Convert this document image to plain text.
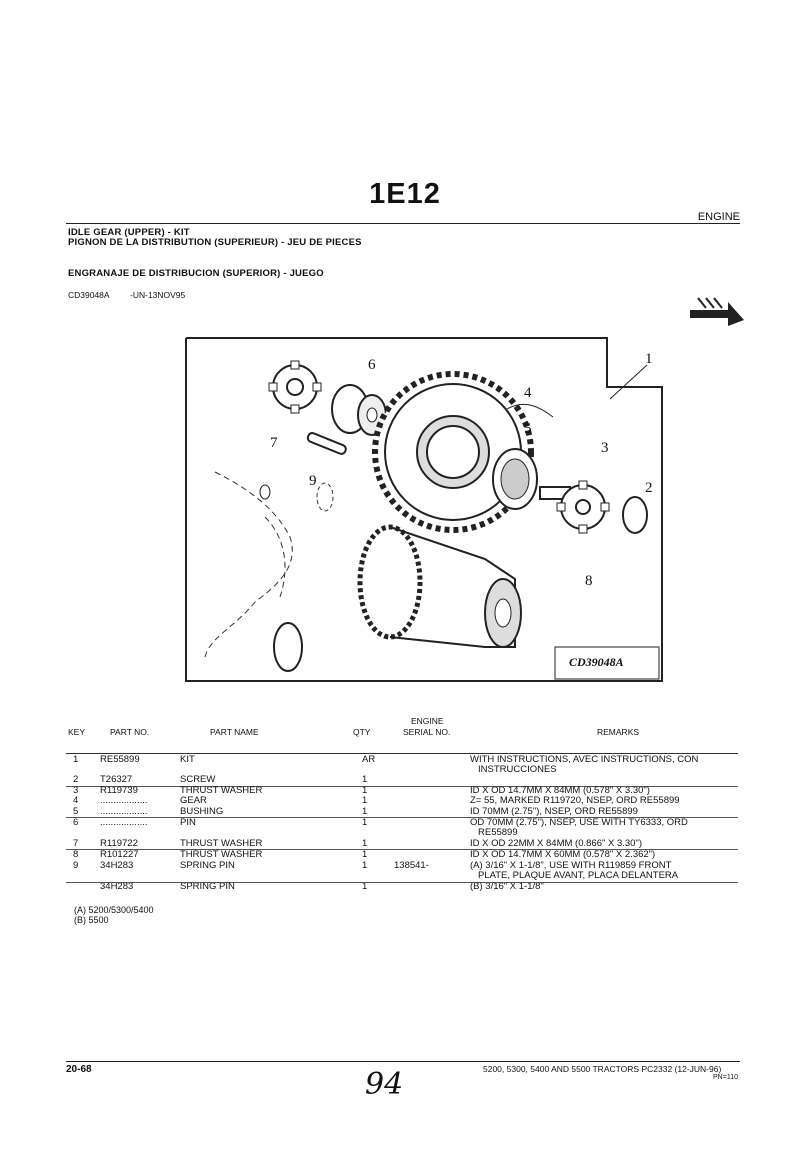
1E12
ENGINE
IDLE GEAR (UPPER) - KIT
PIGNON DE LA DISTRIBUTION (SUPERIEUR) - JEU DE PIECES
ENGRANAJE DE DISTRIBUCION (SUPERIOR) - JUEGO
CD39048A -UN-13NOV95
1
2
3
4
5
6
7
8
9
CD39048A
KEY	PART NO.	PART NAME	QTY
ENGINE
SERIAL NO.	REMARKS
1 RE55899	KIT	AR	WITH INSTRUCTIONS, AVEC INSTRUCTIONS, CON
INSTRUCCIONES
2 T26327	SCREW	1
3 R119739	THRUST WASHER	1	ID X OD 14.7MM X 84MM (0.578" X 3.30")
4 ..................	GEAR	1	Z= 55, MARKED R119720, NSEP, ORD RE55899
5 ..................	BUSHING	1	ID 70MM (2.75"), NSEP, ORD RE55899
6 ..................	PIN	1	OD 70MM (2.75"), NSEP, USE WITH TY6333, ORD
RE55899
7 R119722	THRUST WASHER	1	ID X OD 22MM X 84MM (0.866" X 3.30")
8 R101227	THRUST WASHER	1	ID X OD 14.7MM X 60MM (0.578" X 2.362")
9 34H283	SPRING PIN	1	138541-	(A) 3/16" X 1-1/8", USE WITH R119859 FRONT
PLATE, PLAQUE AVANT, PLACA DELANTERA
34H283	SPRING PIN	1	(B) 3/16" X 1-1/8"
(A) 5200/5300/5400
(B) 5500
20-68	5200, 5300, 5400 AND 5500 TRACTORS PC2332 (12-JUN-96)
PN=110
94
